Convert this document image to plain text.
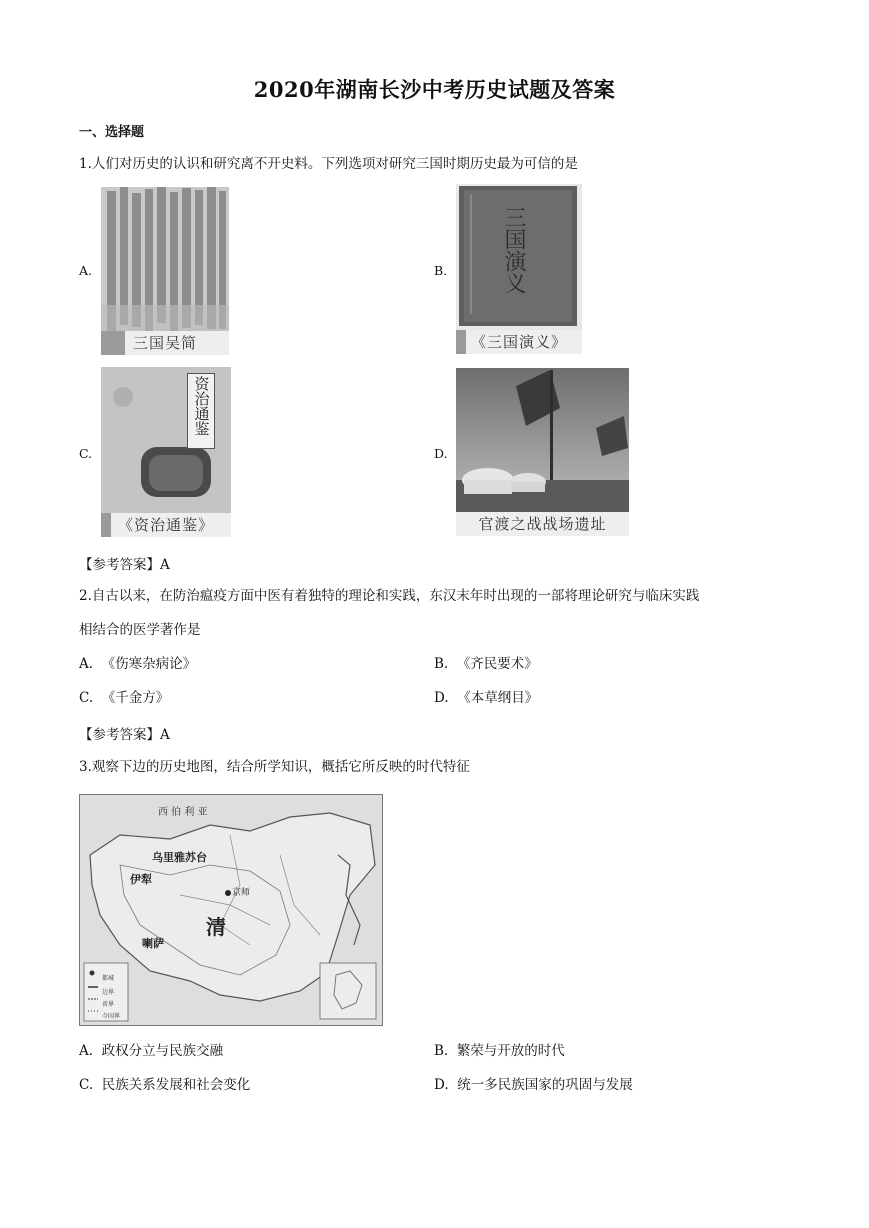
2020年湖南长沙中考历史试题及答案
一、选择题
1.人们对历史的认识和研究离不开史料。下列选项对研究三国时期历史最为可信的是
A.
三国吴简
B. 三国演义
《三国演义》
C.
资治通鉴
《资治通鉴》
D.
官渡之战战场遗址
【参考答案】A
2.自古以来，在防治瘟疫方面中医有着独特的理论和实践，东汉末年时出现的一部将理论研究与临床实践
相结合的医学著作是
A. 《伤寒杂病论》	B. 《齐民要术》
C. 《千金方》	D. 《本草纲目》
【参考答案】A
3.观察下边的历史地图，结合所学知识，概括它所反映的时代特征
西 伯 利 亚
乌里雅苏台
伊犁
京师
清
喇萨
都城
边界
省界
今国界
A. 政权分立与民族交融	B. 繁荣与开放的时代
C. 民族关系发展和社会变化	D. 统一多民族国家的巩固与发展
